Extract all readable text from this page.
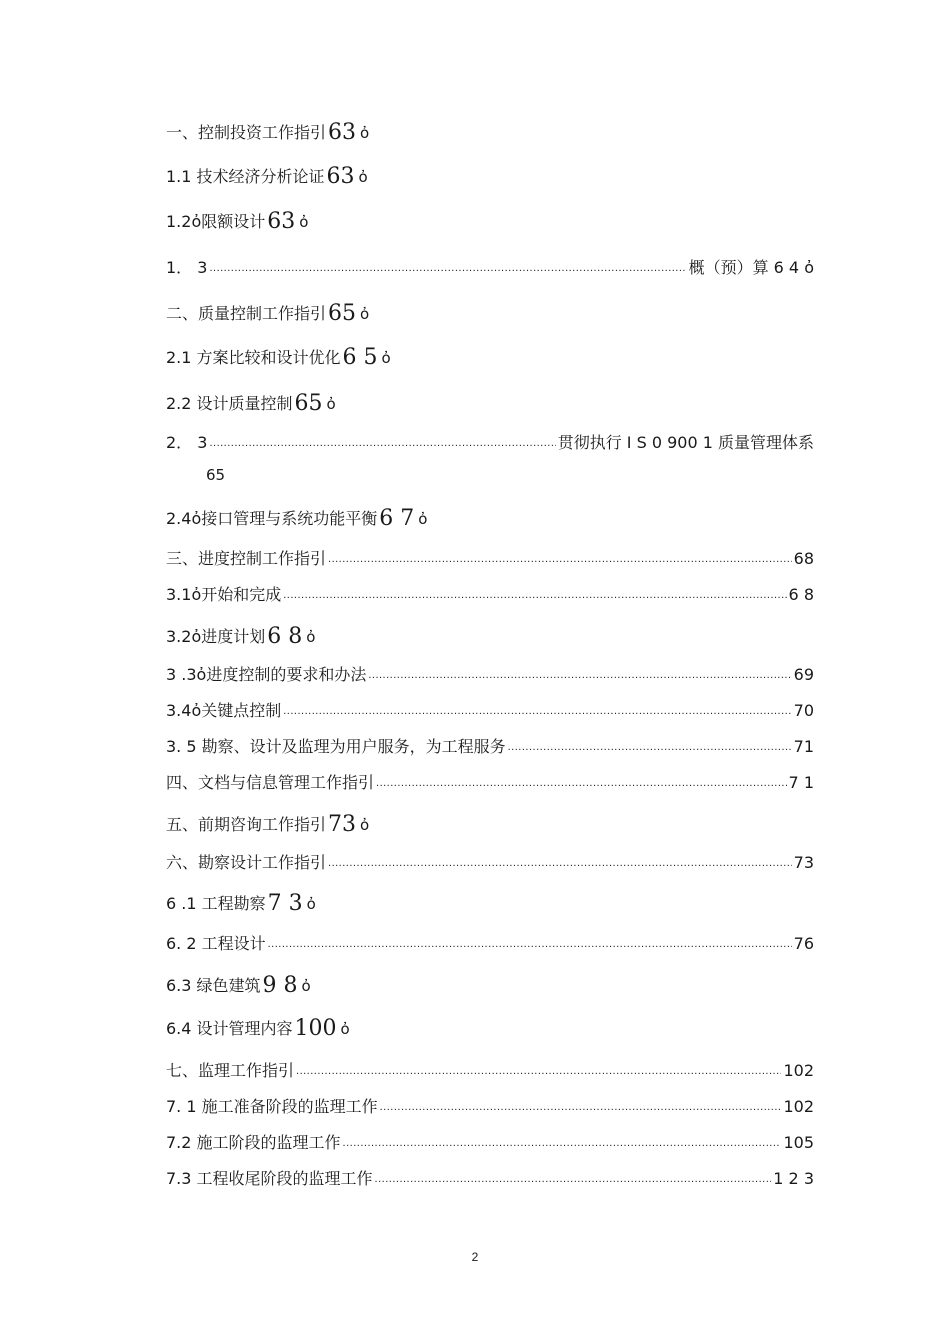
一、控制投资工作指引 63 ὀ
1.1 技术经济分析论证 63 ὀ
1.2ὀ限额设计 63 ὀ
1． 3 .....	概（预）算 6 4 ὀ
二、质量控制工作指引 65 ὀ
2.1 方案比较和设计优化 6 5 ὀ
2.2 设计质量控制 65 ὀ
2． 3 .....	贯彻执行 I S 0 900 1 质量管理体系
65
2.4ὀ接口管理与系统功能平衡 6 7 ὀ
三、进度控制工作指引 .....	68
3.1ὀ开始和完成 .....	6 8
3.2ὀ进度计划 6 8 ὀ
3 .3ὀ进度控制的要求和办法 .....	69
3.4ὀ关键点控制 .....	70
3. 5 勘察、设计及监理为用户服务，为工程服务 .....	71
四、文档与信息管理工作指引 .....	7 1
五、前期咨询工作指引 73 ὀ
六、勘察设计工作指引 .....	73
6 .1 工程勘察 7 3 ὀ
6. 2 工程设计 .....	76
6.3 绿色建筑 9 8 ὀ
6.4 设计管理内容 100 ὀ
七、监理工作指引 .....	102
7. 1 施工准备阶段的监理工作 .....	102
7.2 施工阶段的监理工作 .....	105
7.3 工程收尾阶段的监理工作 .....	1 2 3
2
